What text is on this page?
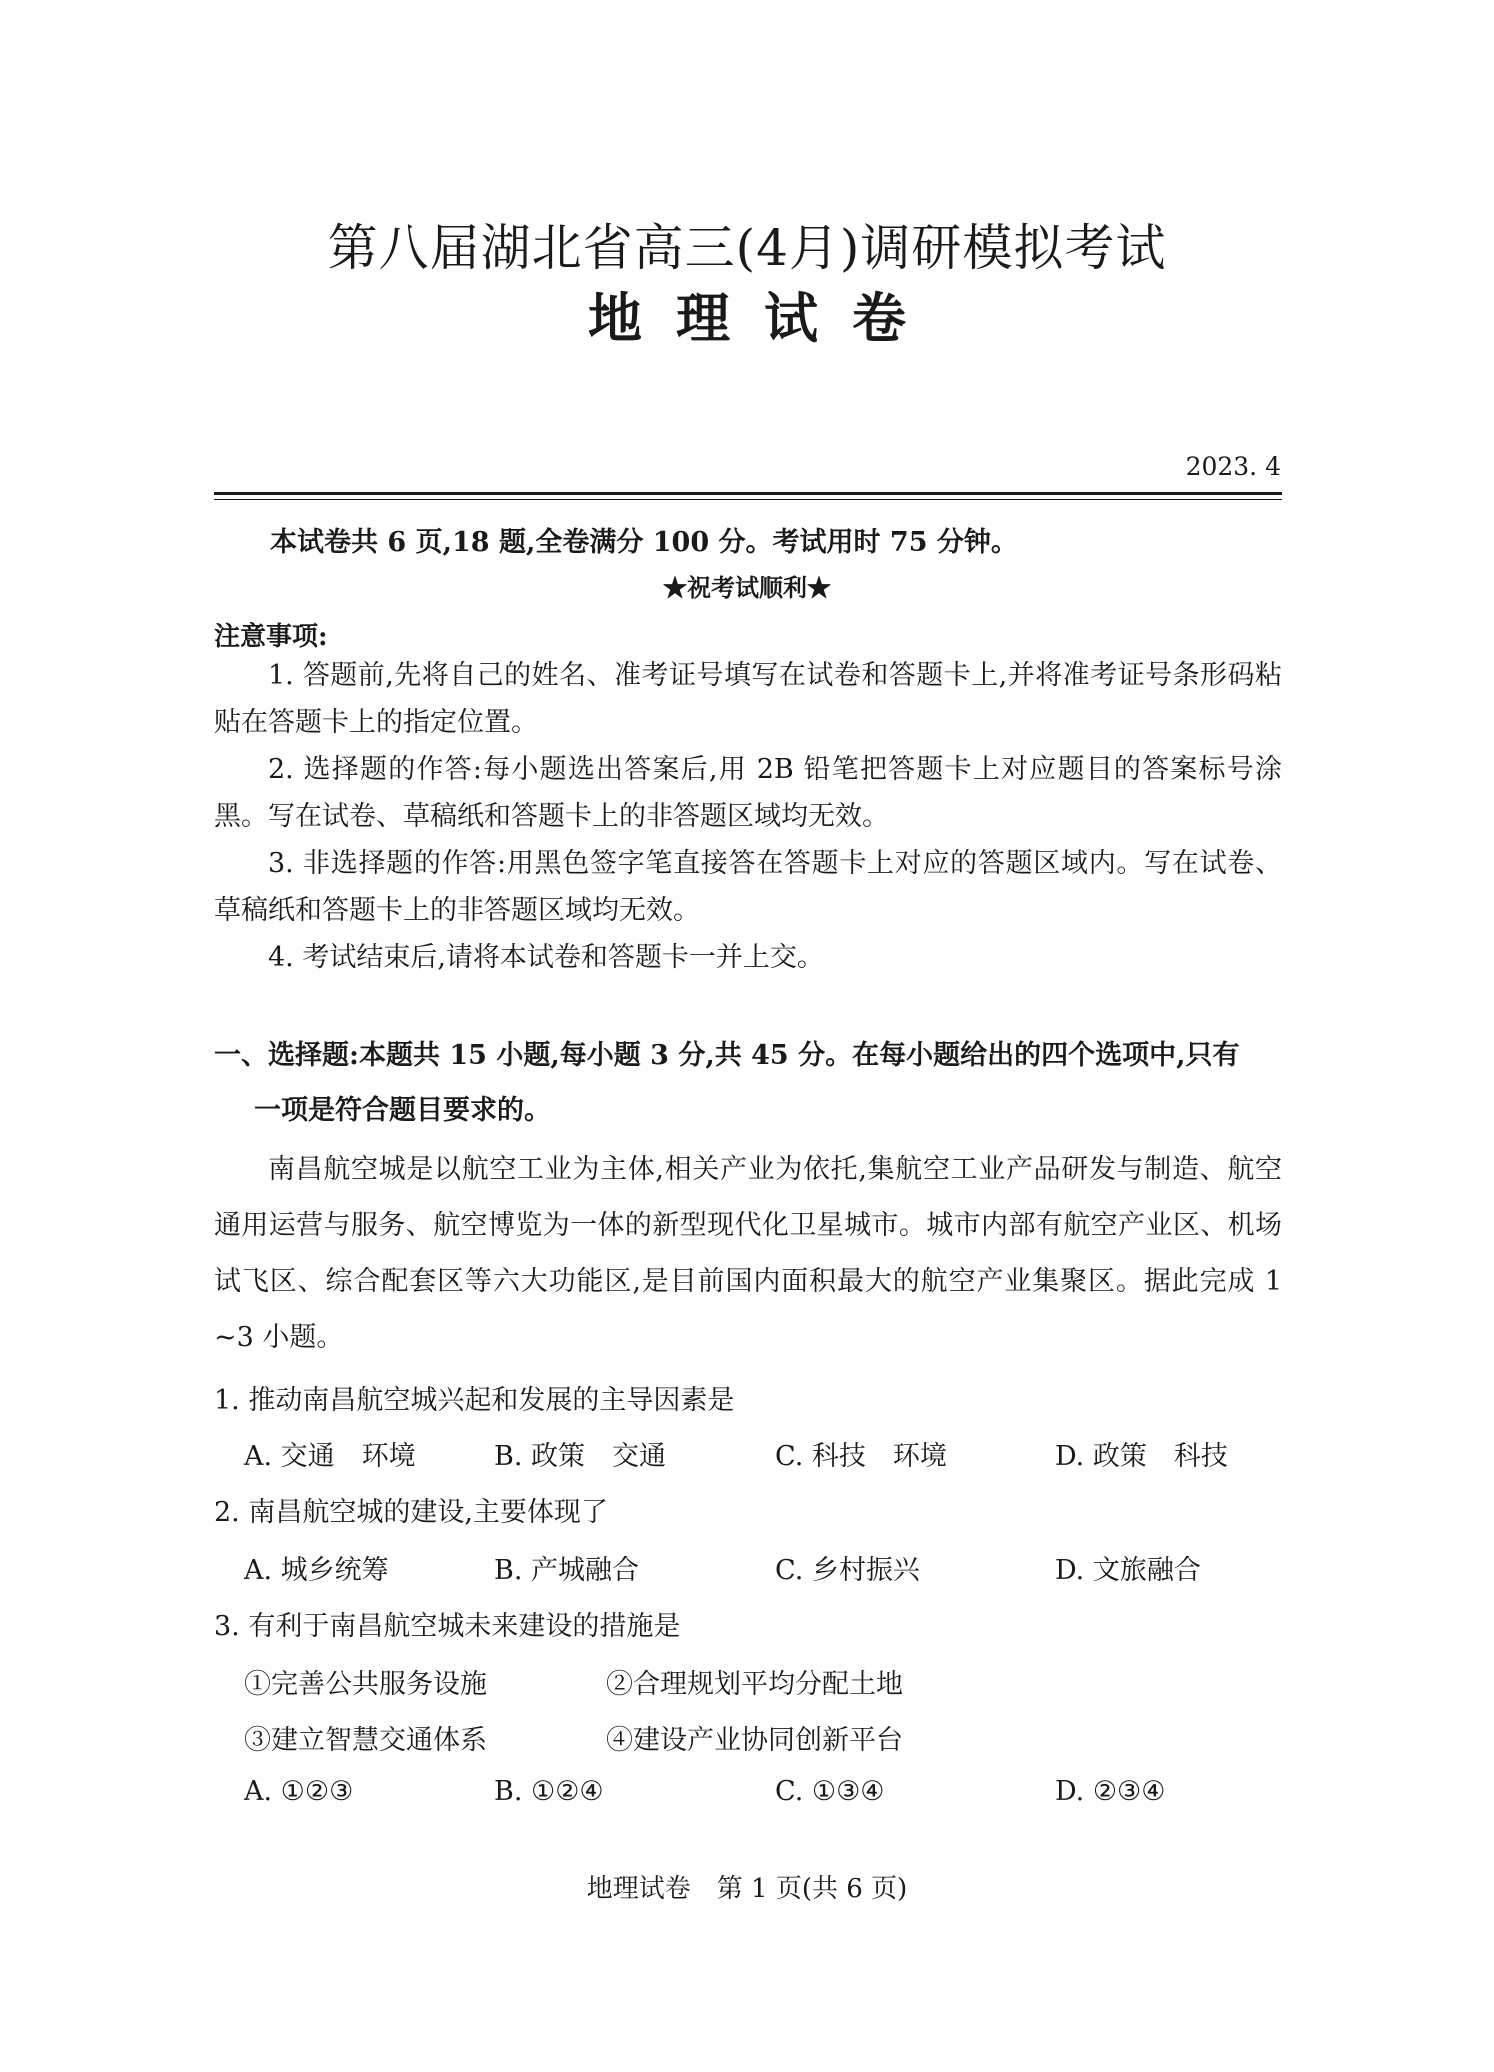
第八届湖北省高三(4月)调研模拟考试
地理试卷
2023. 4
本试卷共 6 页,18 题,全卷满分 100 分。考试用时 75 分钟。
★祝考试顺利★
注意事项:
1. 答题前,先将自己的姓名、准考证号填写在试卷和答题卡上,并将准考证号条形码粘贴在答题卡上的指定位置。
2. 选择题的作答:每小题选出答案后,用 2B 铅笔把答题卡上对应题目的答案标号涂黑。写在试卷、草稿纸和答题卡上的非答题区域均无效。
3. 非选择题的作答:用黑色签字笔直接答在答题卡上对应的答题区域内。写在试卷、草稿纸和答题卡上的非答题区域均无效。
4. 考试结束后,请将本试卷和答题卡一并上交。
一、选择题:本题共 15 小题,每小题 3 分,共 45 分。在每小题给出的四个选项中,只有
一项是符合题目要求的。
南昌航空城是以航空工业为主体,相关产业为依托,集航空工业产品研发与制造、航空通用运营与服务、航空博览为一体的新型现代化卫星城市。城市内部有航空产业区、机场试飞区、综合配套区等六大功能区,是目前国内面积最大的航空产业集聚区。据此完成 1 ~3 小题。
1. 推动南昌航空城兴起和发展的主导因素是
A. 交通　环境	B. 政策　交通	C. 科技　环境	D. 政策　科技
2. 南昌航空城的建设,主要体现了
A. 城乡统筹	B. 产城融合	C. 乡村振兴	D. 文旅融合
3. 有利于南昌航空城未来建设的措施是
①完善公共服务设施	②合理规划平均分配土地
③建立智慧交通体系	④建设产业协同创新平台
A. ①②③	B. ①②④	C. ①③④	D. ②③④
地理试卷　第 1 页(共 6 页)
